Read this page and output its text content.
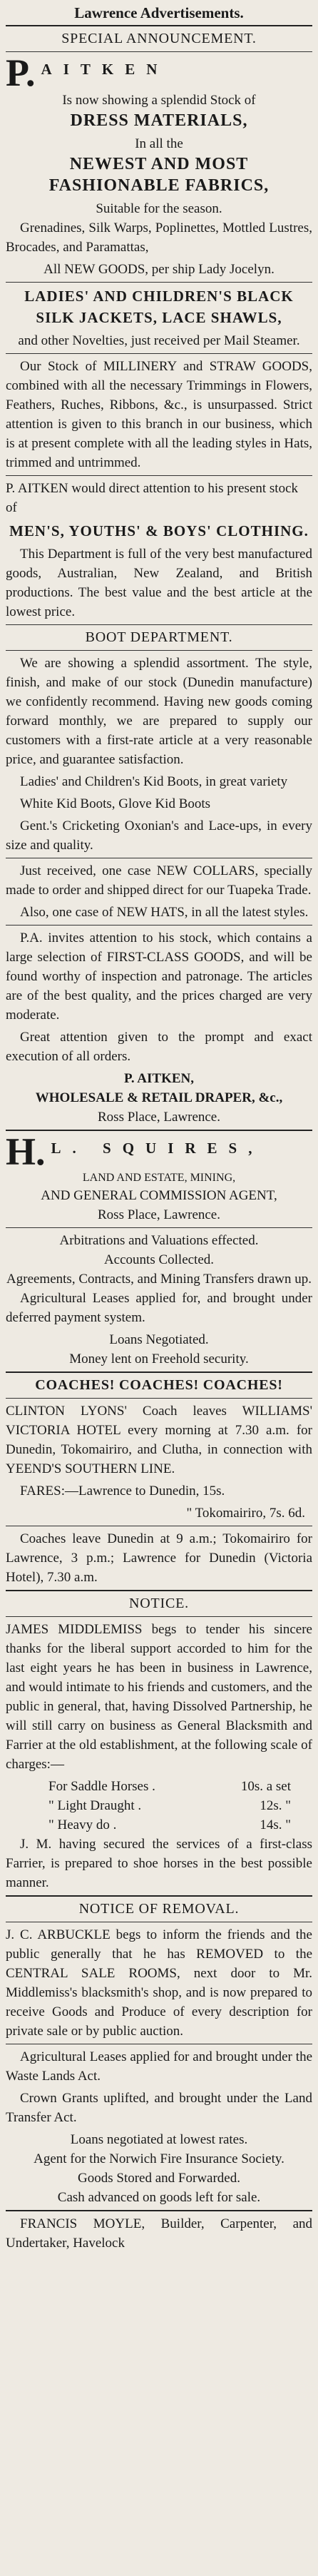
Lawrence Advertisements.
SPECIAL ANNOUNCEMENT.
P. AITKEN

Is now showing a splendid Stock of

DRESS MATERIALS,

In all the

NEWEST AND MOST FASHIONABLE FABRICS,

Suitable for the season.

Grenadines, Silk Warps, Poplinettes, Mottled Lustres, Brocades, and Paramattas,

All NEW GOODS, per ship Lady Jocelyn.

LADIES' AND CHILDREN'S BLACK SILK JACKETS, LACE SHAWLS,

and other Novelties, just received per Mail Steamer.

Our Stock of MILLINERY and STRAW GOODS, combined with all the necessary Trimmings in Flowers, Feathers, Ruches, Ribbons, &c., is unsurpassed. Strict attention is given to this branch in our business, which is at present complete with all the leading styles in Hats, trimmed and untrimmed.

P. AITKEN would direct attention to his present stock of

MEN'S, YOUTHS' & BOYS' CLOTHING.

This Department is full of the very best manufactured goods, Australian, New Zealand, and British productions. The best value and the best article at the lowest price.

BOOT DEPARTMENT.

We are showing a splendid assortment. The style, finish, and make of our stock (Dunedin manufacture) we confidently recommend. Having new goods coming forward monthly, we are prepared to supply our customers with a first-rate article at a very reasonable price, and guarantee satisfaction.

Ladies' and Children's Kid Boots, in great variety

White Kid Boots, Glove Kid Boots

Gent.'s Cricketing Oxonian's and Lace-ups, in every size and quality.

Just received, one case NEW COLLARS, specially made to order and shipped direct for our Tuapeka Trade.

Also, one case of NEW HATS, in all the latest styles.

P.A. invites attention to his stock, which contains a large selection of FIRST-CLASS GOODS, and will be found worthy of inspection and patronage. The articles are of the best quality, and the prices charged are very moderate.

Great attention given to the prompt and exact execution of all orders.

P. AITKEN,

WHOLESALE & RETAIL DRAPER, &c.,

Ross Place, Lawrence.

H. L. SQUIRES,

LAND AND ESTATE, MINING,

AND GENERAL COMMISSION AGENT,

Ross Place, Lawrence.

Arbitrations and Valuations effected.

Accounts Collected.

Agreements, Contracts, and Mining Transfers drawn up.

Agricultural Leases applied for, and brought under deferred payment system.

Loans Negotiated.

Money lent on Freehold security.

COACHES! COACHES! COACHES!

CLINTON LYONS' Coach leaves WILLIAMS' VICTORIA HOTEL every morning at 7.30 a.m. for Dunedin, Tokomairiro, and Clutha, in connection with YEEND'S SOUTHERN LINE.

FARES:—Lawrence to Dunedin, 15s.

" Tokomairiro, 7s. 6d.

Coaches leave Dunedin at 9 a.m.; Tokomairiro for Lawrence, 3 p.m.; Lawrence for Dunedin (Victoria Hotel), 7.30 a.m.

NOTICE.

JAMES MIDDLEMISS begs to tender his sincere thanks for the liberal support accorded to him for the last eight years he has been in business in Lawrence, and would intimate to his friends and customers, and the public in general, that, having Dissolved Partnership, he will still carry on business as General Blacksmith and Farrier at the old establishment, at the following scale of charges:—

For Saddle Horses .	10s. a set
" Light Draught .	12s. "
" Heavy do .	14s. "

J. M. having secured the services of a first-class Farrier, is prepared to shoe horses in the best possible manner.

NOTICE OF REMOVAL.

J. C. ARBUCKLE begs to inform the friends and the public generally that he has REMOVED to the CENTRAL SALE ROOMS, next door to Mr. Middlemiss's blacksmith's shop, and is now prepared to receive Goods and Produce of every description for private sale or by public auction.

Agricultural Leases applied for and brought under the Waste Lands Act.

Crown Grants uplifted, and brought under the Land Transfer Act.

Loans negotiated at lowest rates.

Agent for the Norwich Fire Insurance Society.

Goods Stored and Forwarded.

Cash advanced on goods left for sale.

FRANCIS MOYLE, Builder, Carpenter, and Undertaker, Havelock
